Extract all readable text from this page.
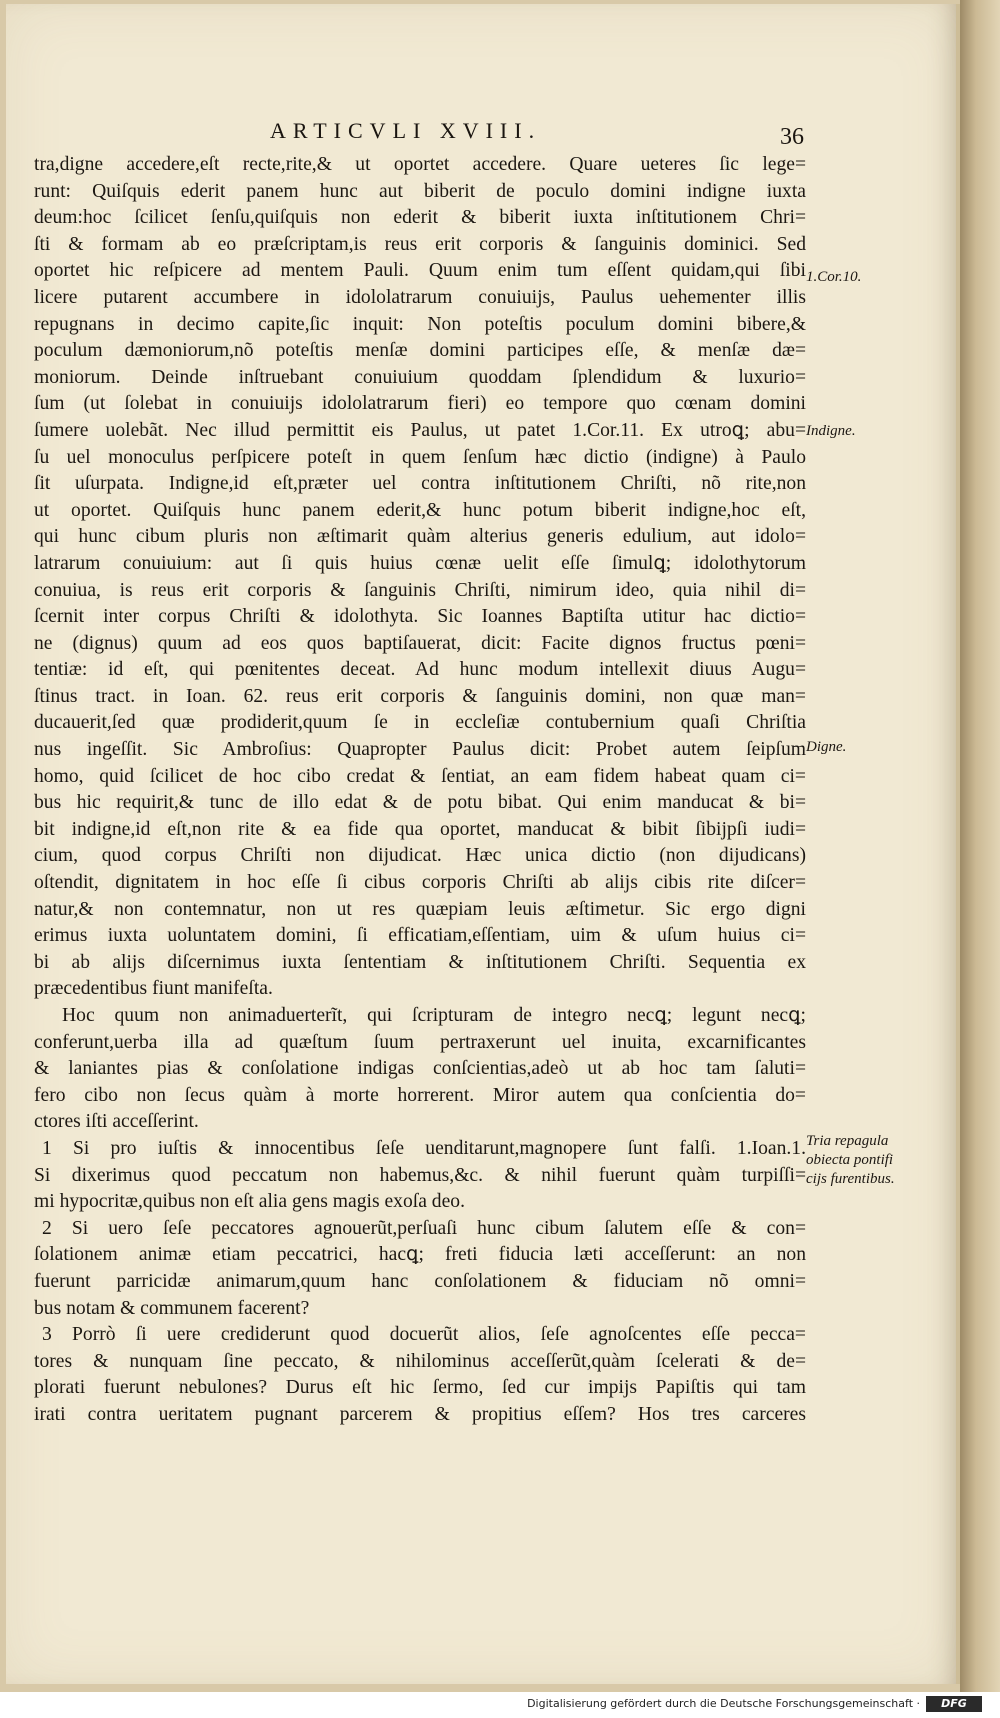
ARTICVLI XVIII.	36
tra,digne accedere,eſt recte,rite,& ut oportet accedere. Quare ueteres ſic lege=
runt: Quiſquis ederit panem hunc aut biberit de poculo domini indigne iuxta
deum:hoc ſcilicet ſenſu,quiſquis non ederit & biberit iuxta inſtitutionem Chri=
ſti & formam ab eo præſcriptam,is reus erit corporis & ſanguinis dominici. Sed
oportet hic reſpicere ad mentem Pauli. Quum enim tum eſſent quidam,qui ſibi
licere putarent accumbere in idololatrarum conuiuijs, Paulus uehementer illis
repugnans in decimo capite,ſic inquit: Non poteſtis poculum domini bibere,&
poculum dæmoniorum,nõ poteſtis menſæ domini participes eſſe, & menſæ dæ=
moniorum. Deinde inſtruebant conuiuium quoddam ſplendidum & luxurio=
ſum (ut ſolebat in conuiuijs idololatrarum fieri) eo tempore quo cœnam domini
ſumere uolebãt. Nec illud permittit eis Paulus, ut patet 1.Cor.11. Ex utroꝗ; abu=
ſu uel monoculus perſpicere poteſt in quem ſenſum hæc dictio (indigne) à Paulo
ſit uſurpata. Indigne,id eſt,præter uel contra inſtitutionem Chriſti, nõ rite,non
ut oportet. Quiſquis hunc panem ederit,& hunc potum biberit indigne,hoc eſt,
qui hunc cibum pluris non æſtimarit quàm alterius generis edulium, aut idolo=
latrarum conuiuium: aut ſi quis huius cœnæ uelit eſſe ſimulꝗ; idolothytorum
conuiua, is reus erit corporis & ſanguinis Chriſti, nimirum ideo, quia nihil di=
ſcernit inter corpus Chriſti & idolothyta. Sic Ioannes Baptiſta utitur hac dictio=
ne (dignus) quum ad eos quos baptiſauerat, dicit: Facite dignos fructus pœni=
tentiæ: id eſt, qui pœnitentes deceat. Ad hunc modum intellexit diuus Augu=
ſtinus tract. in Ioan. 62. reus erit corporis & ſanguinis domini, non quæ man=
ducauerit,ſed quæ prodiderit,quum ſe in eccleſiæ contubernium quaſi Chriſtia
nus ingeſſit. Sic Ambroſius: Quapropter Paulus dicit: Probet autem ſeipſum
homo, quid ſcilicet de hoc cibo credat & ſentiat, an eam fidem habeat quam ci=
bus hic requirit,& tunc de illo edat & de potu bibat. Qui enim manducat & bi=
bit indigne,id eſt,non rite & ea fide qua oportet, manducat & bibit ſibijpſi iudi=
cium, quod corpus Chriſti non dijudicat. Hæc unica dictio (non dijudicans)
oſtendit, dignitatem in hoc eſſe ſi cibus corporis Chriſti ab alijs cibis rite diſcer=
natur,& non contemnatur, non ut res quæpiam leuis æſtimetur. Sic ergo digni
erimus iuxta uoluntatem domini, ſi efficatiam,eſſentiam, uim & uſum huius ci=
bi ab alijs diſcernimus iuxta ſententiam & inſtitutionem Chriſti. Sequentia ex
præcedentibus fiunt manifeſta.
Hoc quum non animaduerterĩt, qui ſcripturam de integro necꝗ; legunt necꝗ;
conferunt,uerba illa ad quæſtum ſuum pertraxerunt uel inuita, excarnificantes
& laniantes pias & conſolatione indigas conſcientias,adeò ut ab hoc tam ſaluti=
fero cibo non ſecus quàm à morte horrerent. Miror autem qua conſcientia do=
ctores iſti acceſſerint.
1 Si pro iuſtis & innocentibus ſeſe uenditarunt,magnopere ſunt falſi. 1.Ioan.1.
Si dixerimus quod peccatum non habemus,&c. & nihil fuerunt quàm turpiſſi=
mi hypocritæ,quibus non eſt alia gens magis exoſa deo.
2 Si uero ſeſe peccatores agnouerũt,perſuaſi hunc cibum ſalutem eſſe & con=
ſolationem animæ etiam peccatrici, hacꝗ; freti fiducia læti acceſſerunt: an non
fuerunt parricidæ animarum,quum hanc conſolationem & fiduciam nõ omni=
bus notam & communem facerent?
3 Porrò ſi uere crediderunt quod docuerũt alios, ſeſe agnoſcentes eſſe pecca=
tores & nunquam ſine peccato, & nihilominus acceſſerũt,quàm ſcelerati & de=
plorati fuerunt nebulones? Durus eſt hic ſermo, ſed cur impijs Papiſtis qui tam
irati contra ueritatem pugnant parcerem & propitius eſſem? Hos tres carceres
1.Cor.10.
Indigne.
Digne.
Tria repagula obiecta pontifi cijs furentibus.
Digitalisierung gefördert durch die Deutsche Forschungsgemeinschaft ·	DFG
